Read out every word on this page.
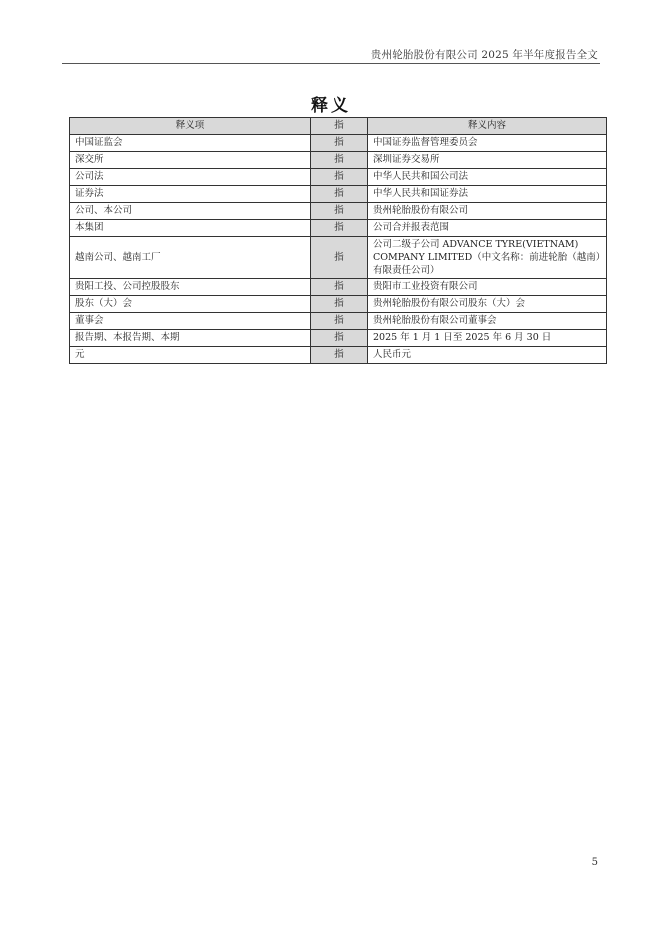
贵州轮胎股份有限公司 2025 年半年度报告全文
释义
释义项	指	释义内容
中国证监会	指	中国证券监督管理委员会
深交所	指	深圳证券交易所
公司法	指	中华人民共和国公司法
证券法	指	中华人民共和国证券法
公司、本公司	指	贵州轮胎股份有限公司
本集团	指	公司合并报表范围
越南公司、越南工厂	指	公司二级子公司 ADVANCE TYRE(VIETNAM) COMPANY LIMITED（中文名称：前进轮胎（越南）有限责任公司）
贵阳工投、公司控股股东	指	贵阳市工业投资有限公司
股东（大）会	指	贵州轮胎股份有限公司股东（大）会
董事会	指	贵州轮胎股份有限公司董事会
报告期、本报告期、本期	指	2025 年 1 月 1 日至 2025 年 6 月 30 日
元	指	人民币元
5
